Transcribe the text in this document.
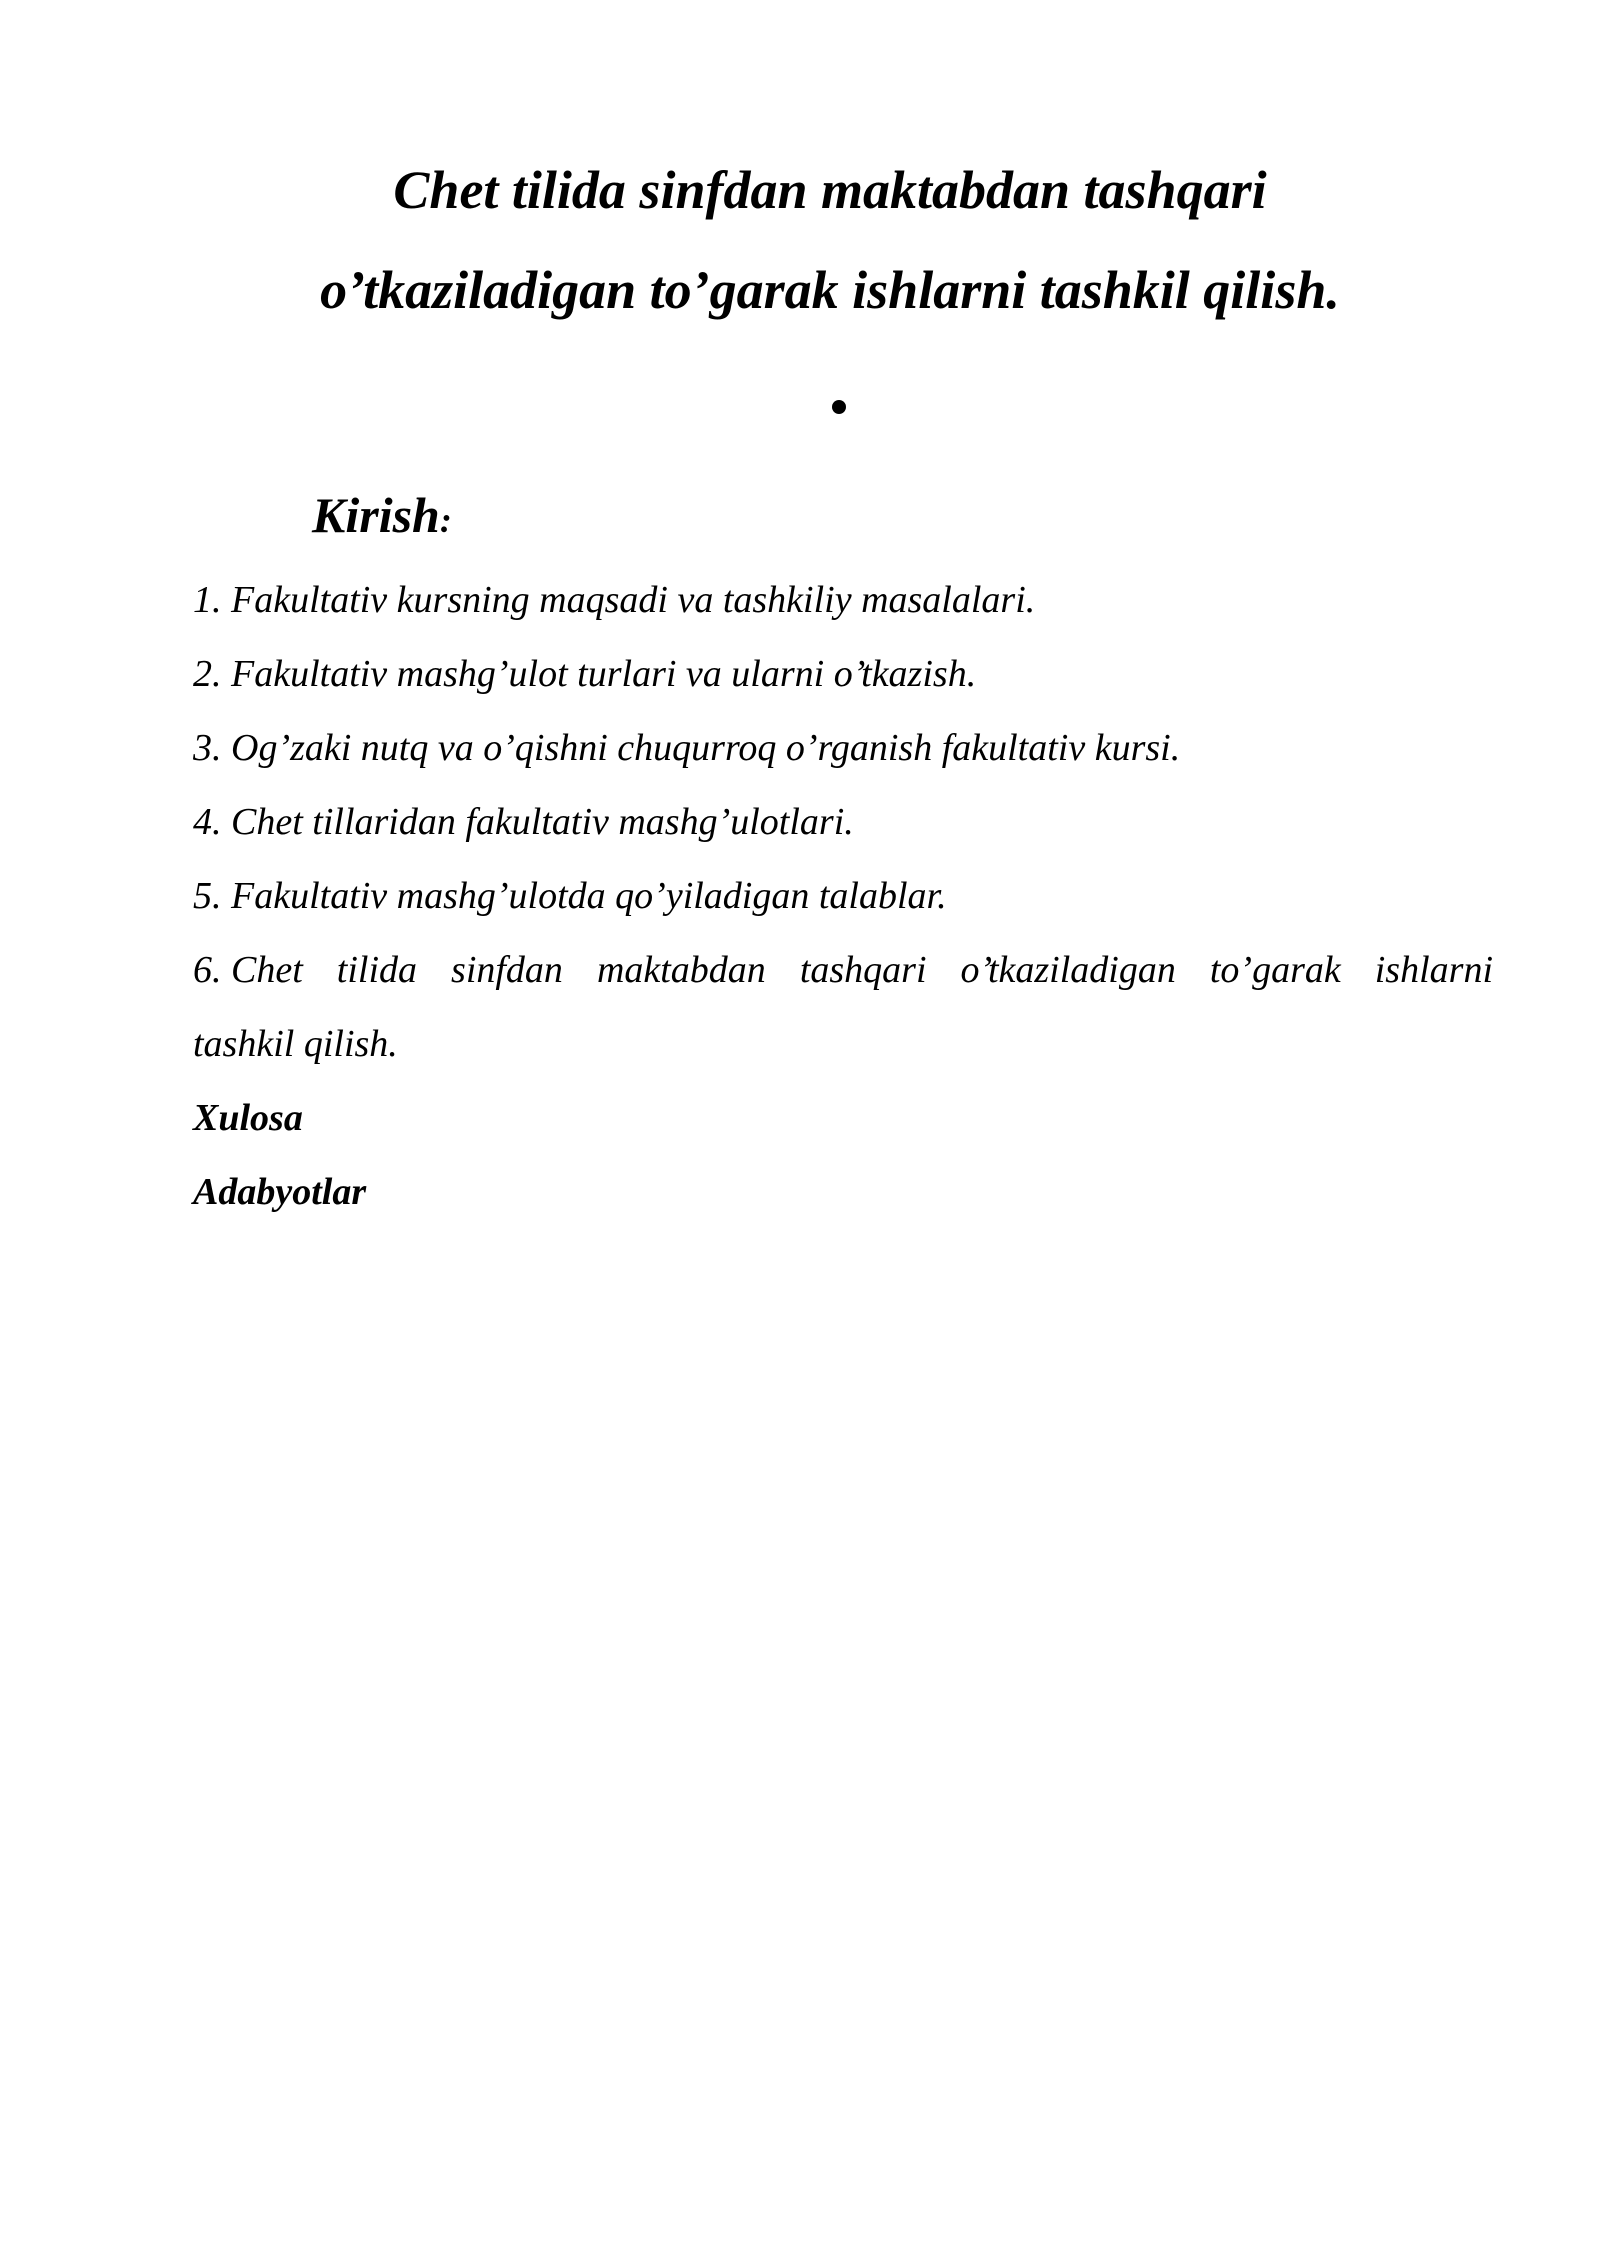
Chet tilida sinfdan maktabdan tashqari
o’tkaziladigan to’garak ishlarni tashkil qilish.
Kirish:
1. Fakultativ kursning maqsadi va tashkiliy masalalari.
2. Fakultativ mashg’ulot turlari va ularni o’tkazish.
3. Og’zaki nutq va o’qishni chuqurroq o’rganish fakultativ kursi.
4. Chet tillaridan fakultativ mashg’ulotlari.
5. Fakultativ mashg’ulotda qo’yiladigan talablar.
6. Chet tilida sinfdan maktabdan tashqari o’tkaziladigan to’garak ishlarni
tashkil qilish.
Xulosa
Adabyotlar
